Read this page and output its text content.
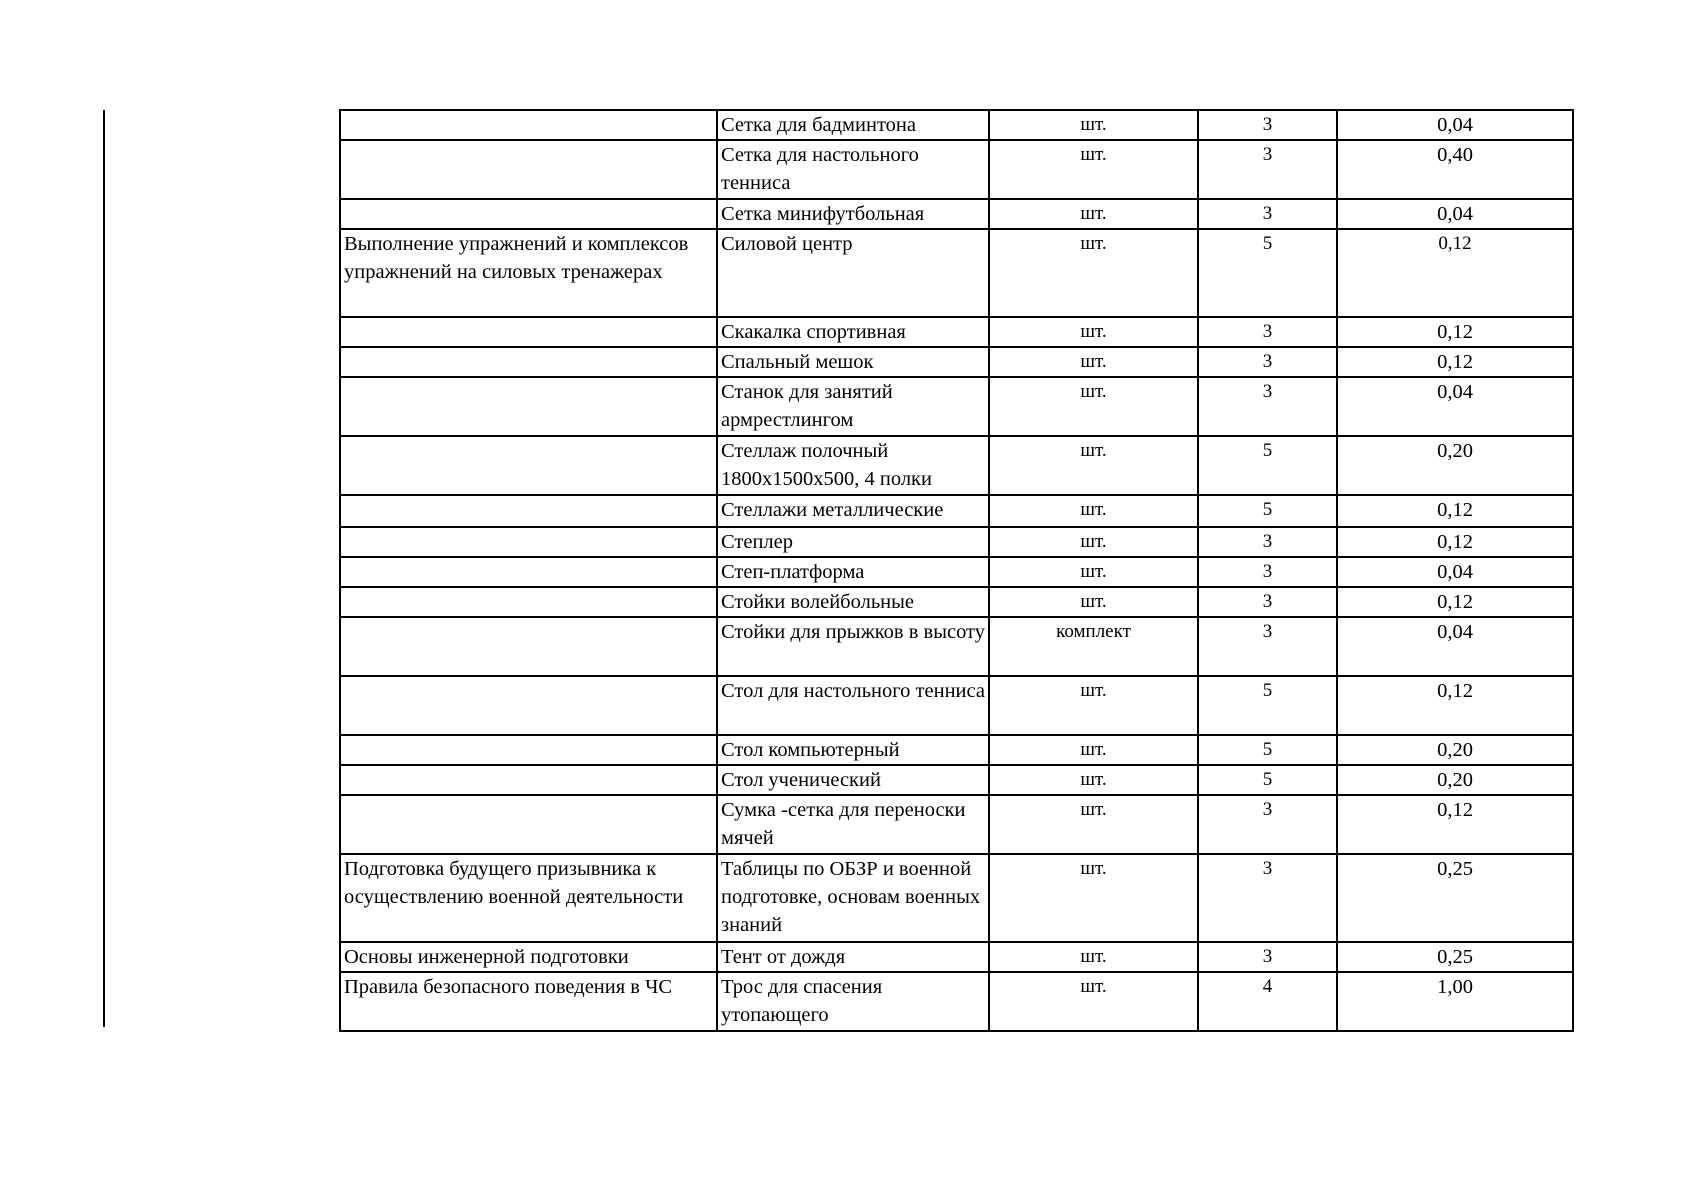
	Сетка для бадминтона	шт.	3	0,04
	Сетка для настольного тенниса	шт.	3	0,40
	Сетка минифутбольная	шт.	3	0,04
Выполнение упражнений и комплексов упражнений на силовых тренажерах	Силовой центр	шт.	5	0,12
	Скакалка спортивная	шт.	3	0,12
	Спальный мешок	шт.	3	0,12
	Станок для занятий армрестлингом	шт.	3	0,04
	Стеллаж полочный 1800x1500x500, 4 полки	шт.	5	0,20
	Стеллажи металлические	шт.	5	0,12
	Степлер	шт.	3	0,12
	Степ-платформа	шт.	3	0,04
	Стойки волейбольные	шт.	3	0,12
	Стойки для прыжков в высоту	комплект	3	0,04
	Стол для настольного тенниса	шт.	5	0,12
	Стол компьютерный	шт.	5	0,20
	Стол ученический	шт.	5	0,20
	Сумка -сетка для переноски мячей	шт.	3	0,12
Подготовка будущего призывника к осуществлению военной деятельности	Таблицы по ОБЗР и военной подготовке, основам военных знаний	шт.	3	0,25
Основы инженерной подготовки	Тент от дождя	шт.	3	0,25
Правила безопасного поведения в ЧС	Трос для спасения утопающего	шт.	4	1,00
